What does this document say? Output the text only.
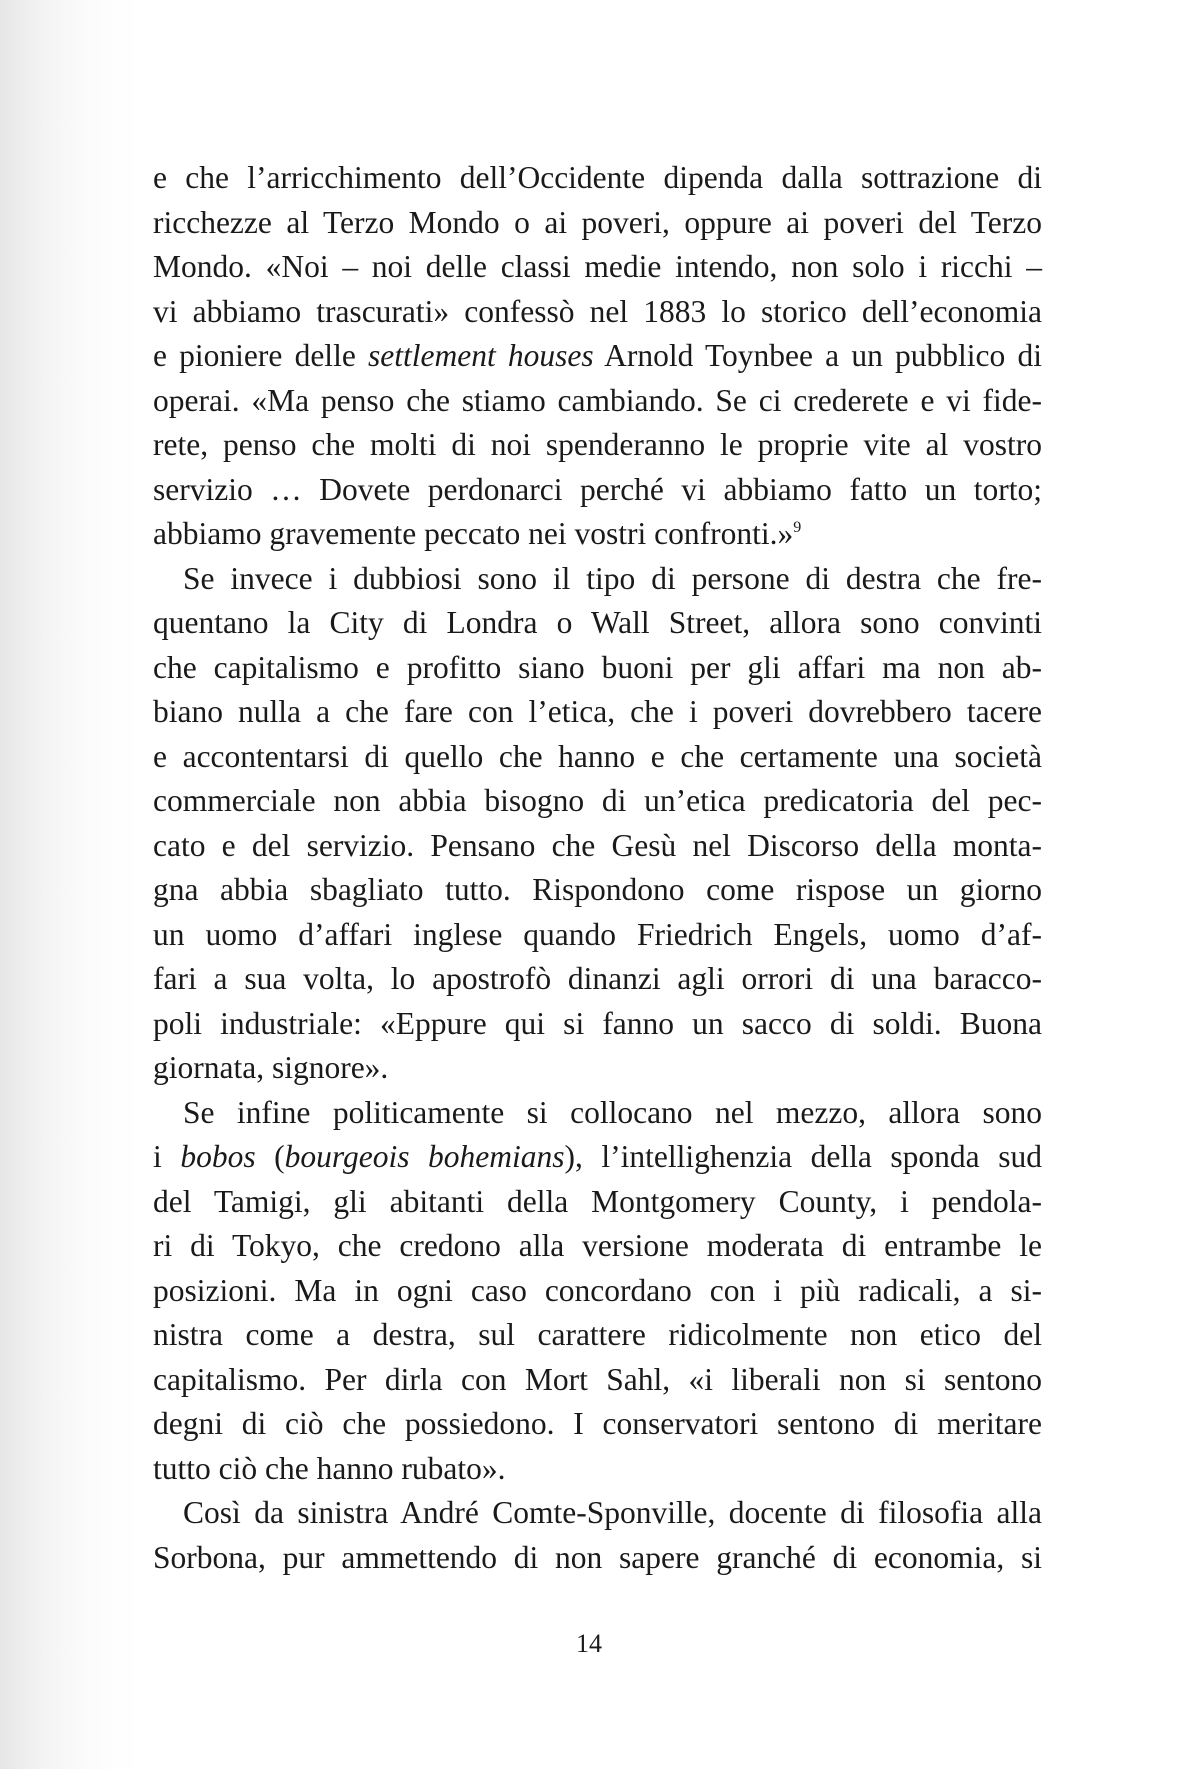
e che l’arricchimento dell’Occidente dipenda dalla sottrazione di
ricchezze al Terzo Mondo o ai poveri, oppure ai poveri del Terzo
Mondo. «Noi – noi delle classi medie intendo, non solo i ricchi –
vi abbiamo trascurati» confessò nel 1883 lo storico dell’economia
e pioniere delle settlement houses Arnold Toynbee a un pubblico di
operai. «Ma penso che stiamo cambiando. Se ci crederete e vi fide-
rete, penso che molti di noi spenderanno le proprie vite al vostro
servizio … Dovete perdonarci perché vi abbiamo fatto un torto;
abbiamo gravemente peccato nei vostri confronti.»$^9$
Se invece i dubbiosi sono il tipo di persone di destra che fre-
quentano la City di Londra o Wall Street, allora sono convinti
che capitalismo e profitto siano buoni per gli affari ma non ab-
biano nulla a che fare con l’etica, che i poveri dovrebbero tacere
e accontentarsi di quello che hanno e che certamente una società
commerciale non abbia bisogno di un’etica predicatoria del pec-
cato e del servizio. Pensano che Gesù nel Discorso della monta-
gna abbia sbagliato tutto. Rispondono come rispose un giorno
un uomo d’affari inglese quando Friedrich Engels, uomo d’af-
fari a sua volta, lo apostrofò dinanzi agli orrori di una baracco-
poli industriale: «Eppure qui si fanno un sacco di soldi. Buona
giornata, signore».
Se infine politicamente si collocano nel mezzo, allora sono
i bobos (bourgeois bohemians), l’intellighenzia della sponda sud
del Tamigi, gli abitanti della Montgomery County, i pendola-
ri di Tokyo, che credono alla versione moderata di entrambe le
posizioni. Ma in ogni caso concordano con i più radicali, a si-
nistra come a destra, sul carattere ridicolmente non etico del
capitalismo. Per dirla con Mort Sahl, «i liberali non si sentono
degni di ciò che possiedono. I conservatori sentono di meritare
tutto ciò che hanno rubato».
Così da sinistra André Comte-Sponville, docente di filosofia alla
Sorbona, pur ammettendo di non sapere granché di economia, si
14
